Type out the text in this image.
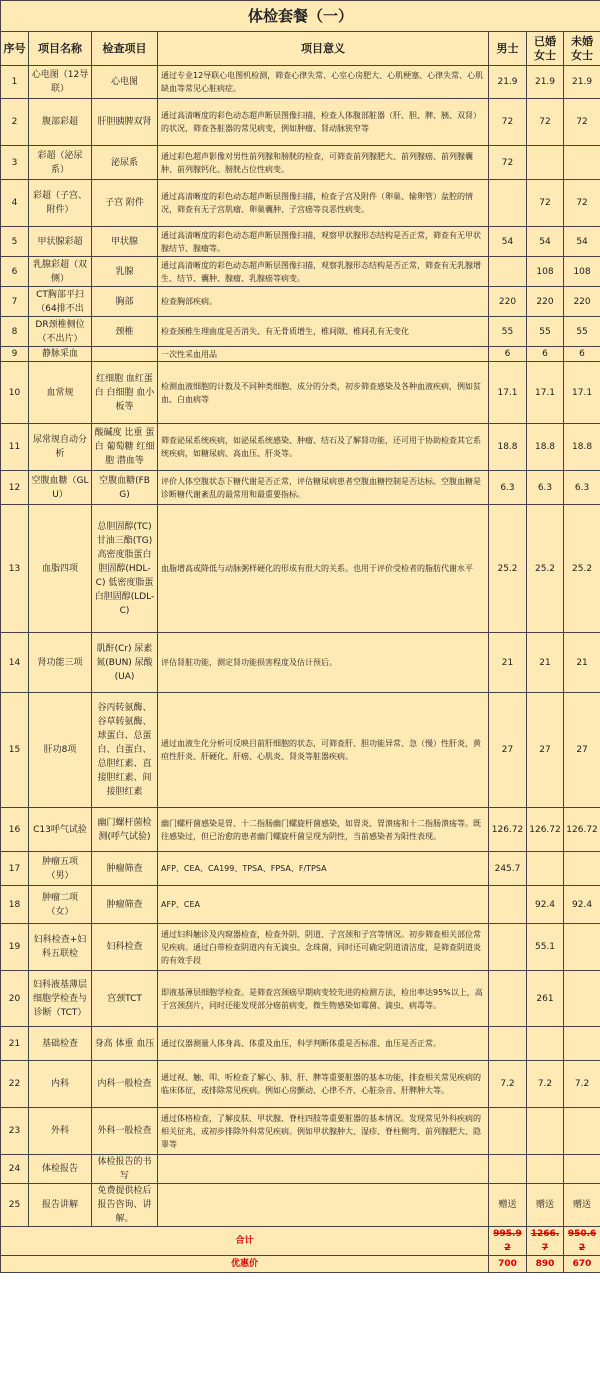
体检套餐（一）						
序号	项目名称	检查项目	项目意义	男士	已婚女士	未婚女士
1	心电图（12导联）	心电图	通过专业12导联心电图机检测，筛查心律失常、心室心房肥大、心肌梗塞、心律失常、心肌缺血等常见心脏病症。	21.9	21.9	21.9
2	腹部彩超	肝胆胰脾双肾	通过高清晰度的彩色动态超声断层图像扫描，检查人体腹部脏器（肝、胆、脾、胰、双肾）的状况，筛查各脏器的常见病变，例如肿瘤、肾动脉狭窄等	72	72	72
3	彩超（泌尿系）	泌尿系	通过彩色超声影像对男性前列腺和膀胱的检查，可筛查前列腺肥大、前列腺癌、前列腺囊肿、前列腺钙化、膀胱占位性病变。	72		
4	彩超（子宫、附件）	子宫 附件	通过高清晰度的彩色动态超声断层图像扫描，检查子宫及附件（卵巢、输卵管）盆腔的情况，筛查有无子宫肌瘤、卵巢囊肿、子宫癌等良恶性病变。		72	72
5	甲状腺彩超	甲状腺	通过高清晰度的彩色动态超声断层图像扫描，观察甲状腺形态结构是否正常，筛查有无甲状腺结节、腺瘤等。	54	54	54
6	乳腺彩超（双侧）	乳腺	通过高清晰度的彩色动态超声断层图像扫描，观察乳腺形态结构是否正常，筛查有无乳腺增生、结节、囊肿、腺瘤、乳腺癌等病变。		108	108
7	CT胸部平扫（64排不出	胸部	检查胸部疾病。	220	220	220
8	DR颈椎侧位（不出片）	颈椎	检查颈椎生理曲度是否消失、有无骨质增生，椎间隙、椎间孔有无变化	55	55	55
9	静脉采血		一次性采血用品	6	6	6
10	血常规	红细胞 血红蛋白 白细胞 血小板等	检测血液细胞的计数及不同种类细胞、成分的分类，初步筛查感染及各种血液疾病，例如贫血、白血病等	17.1	17.1	17.1
11	尿常规自动分析	酸碱度 比重 蛋白 葡萄糖 红细胞 潜血等	筛查泌尿系统疾病，如泌尿系统感染、肿瘤、结石及了解肾功能，还可用于协助检查其它系统疾病，如糖尿病、高血压、肝炎等。	18.8	18.8	18.8
12	空腹血糖（GLU）	空腹血糖(FBG)	评价人体空腹状态下糖代谢是否正常，评估糖尿病患者空腹血糖控制是否达标。空腹血糖是诊断糖代谢紊乱的最常用和最重要指标。	6.3	6.3	6.3
13	血脂四项	总胆固醇(TC) 甘油三酯(TG) 高密度脂蛋白胆固醇(HDL-C) 低密度脂蛋白胆固醇(LDL-C)	血脂增高或降低与动脉粥样硬化的形成有很大的关系。也用于评价受检者的脂肪代谢水平	25.2	25.2	25.2
14	肾功能三项	肌酐(Cr) 尿素氮(BUN) 尿酸(UA)	评估肾脏功能，测定肾功能损害程度及估计预后。	21	21	21
15	肝功8项	谷丙转氨酶、谷草转氨酶、球蛋白、总蛋白、白蛋白、总胆红素、直接胆红素、间接胆红素	通过血液生化分析可反映目前肝细胞的状态，可筛查肝、胆功能异常、急（慢）性肝炎，黄疸性肝炎、肝硬化、肝癌、心肌炎、肾炎等脏器疾病。	27	27	27
16	C13呼气试验	幽门螺杆菌检测(呼气试验)	幽门螺杆菌感染是胃、十二指肠幽门螺旋杆菌感染，如胃炎、胃溃疡和十二指肠溃疡等。既往感染过，但已治愈的患者幽门螺旋杆菌呈现为阴性，当前感染者为阳性表现。	126.72	126.72	126.72
17	肿瘤五项（男）	肿瘤筛查	AFP、CEA、CA199、TPSA、FPSA、F/TPSA	245.7		
18	肿瘤二项（女）	肿瘤筛查	AFP、CEA		92.4	92.4
19	妇科检查+妇科五联检	妇科检查	通过妇科触诊及内窥器检查，检查外阴、阴道、子宫颈和子宫等情况。初步筛查相关部位常见疾病。通过白带检查阴道内有无滴虫、念珠菌，同时还可确定阴道清洁度，是筛查阴道炎的有效手段		55.1	
20	妇科液基薄层细胞学检查与诊断（TCT）	宫颈TCT	即液基薄层细胞学检查。是筛查宫颈癌早期病变较先进的检测方法，检出率达95%以上，高于宫颈刮片，同时还能发现部分癌前病变，微生物感染如霉菌、滴虫、病毒等。		261	
21	基础检查	身高 体重 血压	通过仪器测量人体身高、体重及血压，科学判断体重是否标准、血压是否正常。			
22	内科	内科一般检查	通过视、触、叩、听检查了解心、肺、肝、脾等重要脏器的基本功能，排查相关常见疾病的临床体征，或排除常见疾病。例如心房颤动、心律不齐、心脏杂音、肝脾肿大等。	7.2	7.2	7.2
23	外科	外科一般检查	通过体格检查，了解皮肤、甲状腺、脊柱四肢等重要脏器的基本情况。发现常见外科疾病的相关征兆，或初步排除外科常见疾病。例如甲状腺肿大、湿疹、脊柱侧弯、前列腺肥大、隐睾等			
24	体检报告	体检报告的书写				
25	报告讲解	免费提供检后报告咨询、讲解。		赠送	赠送	赠送
合计				995.92	1266.7	950.62
优惠价				700	890	670
